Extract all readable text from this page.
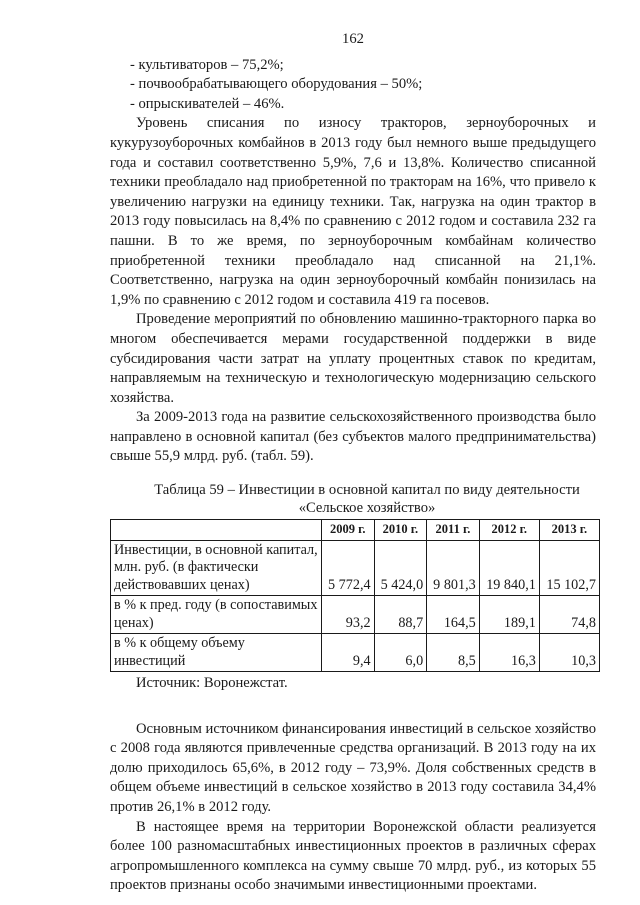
162
- культиваторов – 75,2%;
- почвообрабатывающего оборудования – 50%;
- опрыскивателей – 46%.

Уровень списания по износу тракторов, зерноуборочных и кукурузоуборочных комбайнов в 2013 году был немного выше предыдущего года и составил соответственно 5,9%, 7,6 и 13,8%. Количество списанной техники преобладало над приобретенной по тракторам на 16%, что привело к увеличению нагрузки на единицу техники. Так, нагрузка на один трактор в 2013 году повысилась на 8,4% по сравнению с 2012 годом и составила 232 га пашни. В то же время, по зерноуборочным комбайнам количество приобретенной техники преобладало над списанной на 21,1%. Соответственно, нагрузка на один зерноуборочный комбайн понизилась на 1,9% по сравнению с 2012 годом и составила 419 га посевов.

Проведение мероприятий по обновлению машинно-тракторного парка во многом обеспечивается мерами государственной поддержки в виде субсидирования части затрат на уплату процентных ставок по кредитам, направляемым на техническую и технологическую модернизацию сельского хозяйства.

За 2009-2013 года на развитие сельскохозяйственного производства было направлено в основной капитал (без субъектов малого предпринимательства) свыше 55,9 млрд. руб. (табл. 59).

Таблица 59 – Инвестиции в основной капитал по виду деятельности
«Сельское хозяйство»
	2009 г.	2010 г.	2011 г.	2012 г.	2013 г.
Инвестиции, в основной капитал, млн. руб. (в фактически действовавших ценах)	5 772,4	5 424,0	9 801,3	19 840,1	15 102,7
в % к пред. году (в сопоставимых ценах)	93,2	88,7	164,5	189,1	74,8
в % к общему объему инвестиций	9,4	6,0	8,5	16,3	10,3
Источник: Воронежстат.

Основным источником финансирования инвестиций в сельское хозяйство с 2008 года являются привлеченные средства организаций. В 2013 году на их долю приходилось 65,6%, в 2012 году – 73,9%. Доля собственных средств в общем объеме инвестиций в сельское хозяйство в 2013 году составила 34,4% против 26,1% в 2012 году.

В настоящее время на территории Воронежской области реализуется более 100 разномасштабных инвестиционных проектов в различных сферах агропромышленного комплекса на сумму свыше 70 млрд. руб., из которых 55 проектов признаны особо значимыми инвестиционными проектами.
